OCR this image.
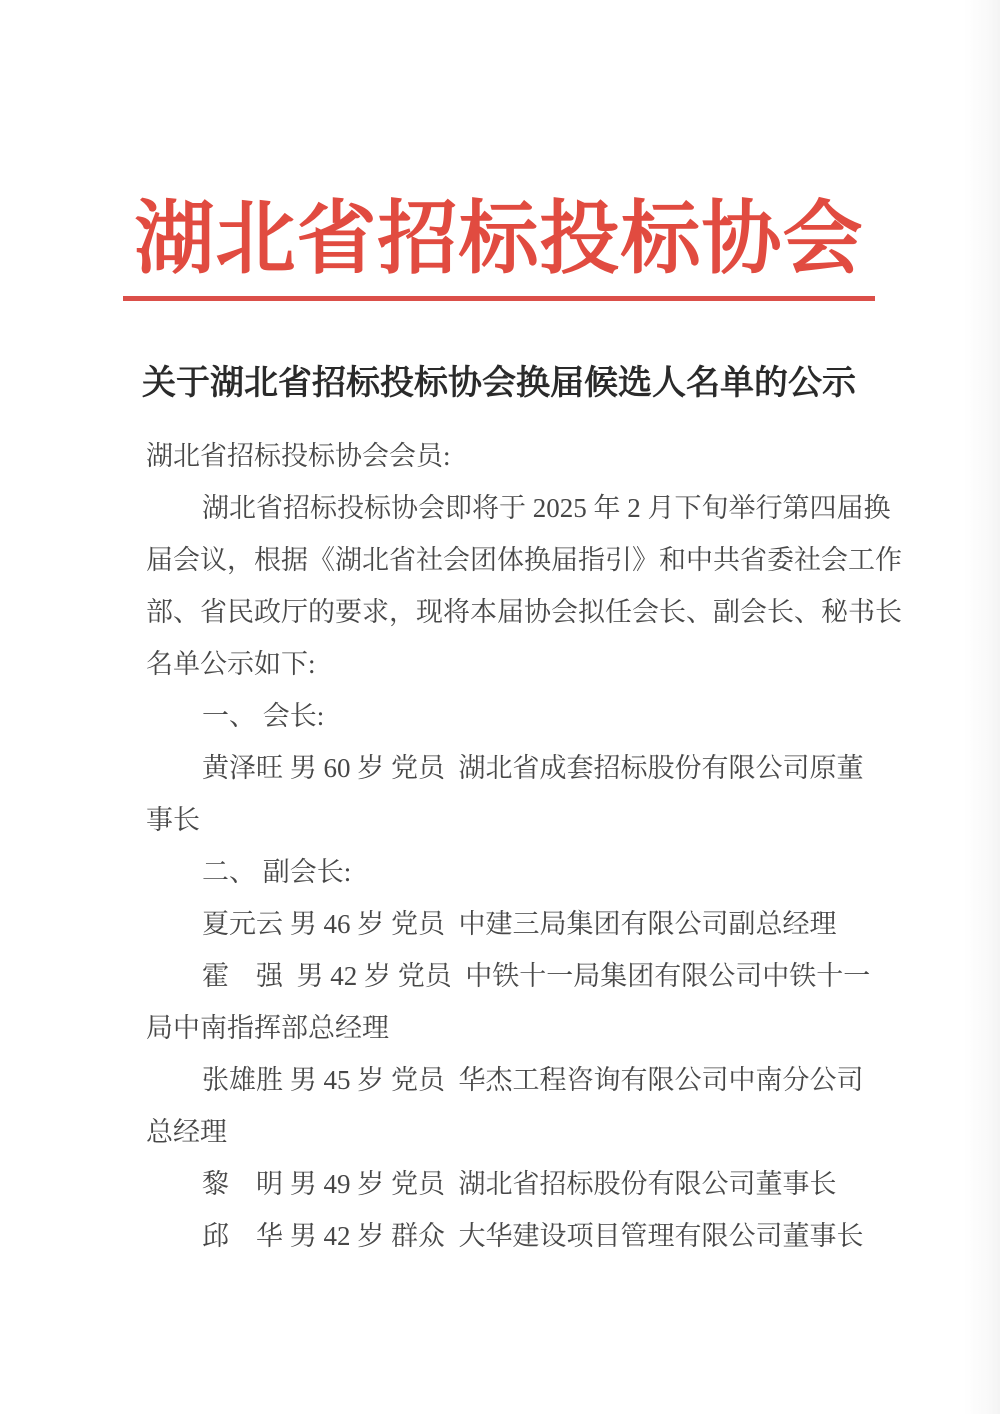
湖北省招标投标协会
关于湖北省招标投标协会换届候选人名单的公示

湖北省招标投标协会会员:

湖北省招标投标协会即将于 2025 年 2 月下旬举行第四届换

届会议，根据《湖北省社会团体换届指引》和中共省委社会工作

部、省民政厅的要求，现将本届协会拟任会长、副会长、秘书长

名单公示如下:

一、 会长:

黄泽旺 男 60 岁 党员  湖北省成套招标股份有限公司原董

事长

二、 副会长:

夏元云 男 46 岁 党员  中建三局集团有限公司副总经理

霍　强  男 42 岁 党员  中铁十一局集团有限公司中铁十一

局中南指挥部总经理

张雄胜 男 45 岁 党员  华杰工程咨询有限公司中南分公司

总经理

黎　明 男 49 岁 党员  湖北省招标股份有限公司董事长

邱　华 男 42 岁 群众  大华建设项目管理有限公司董事长
